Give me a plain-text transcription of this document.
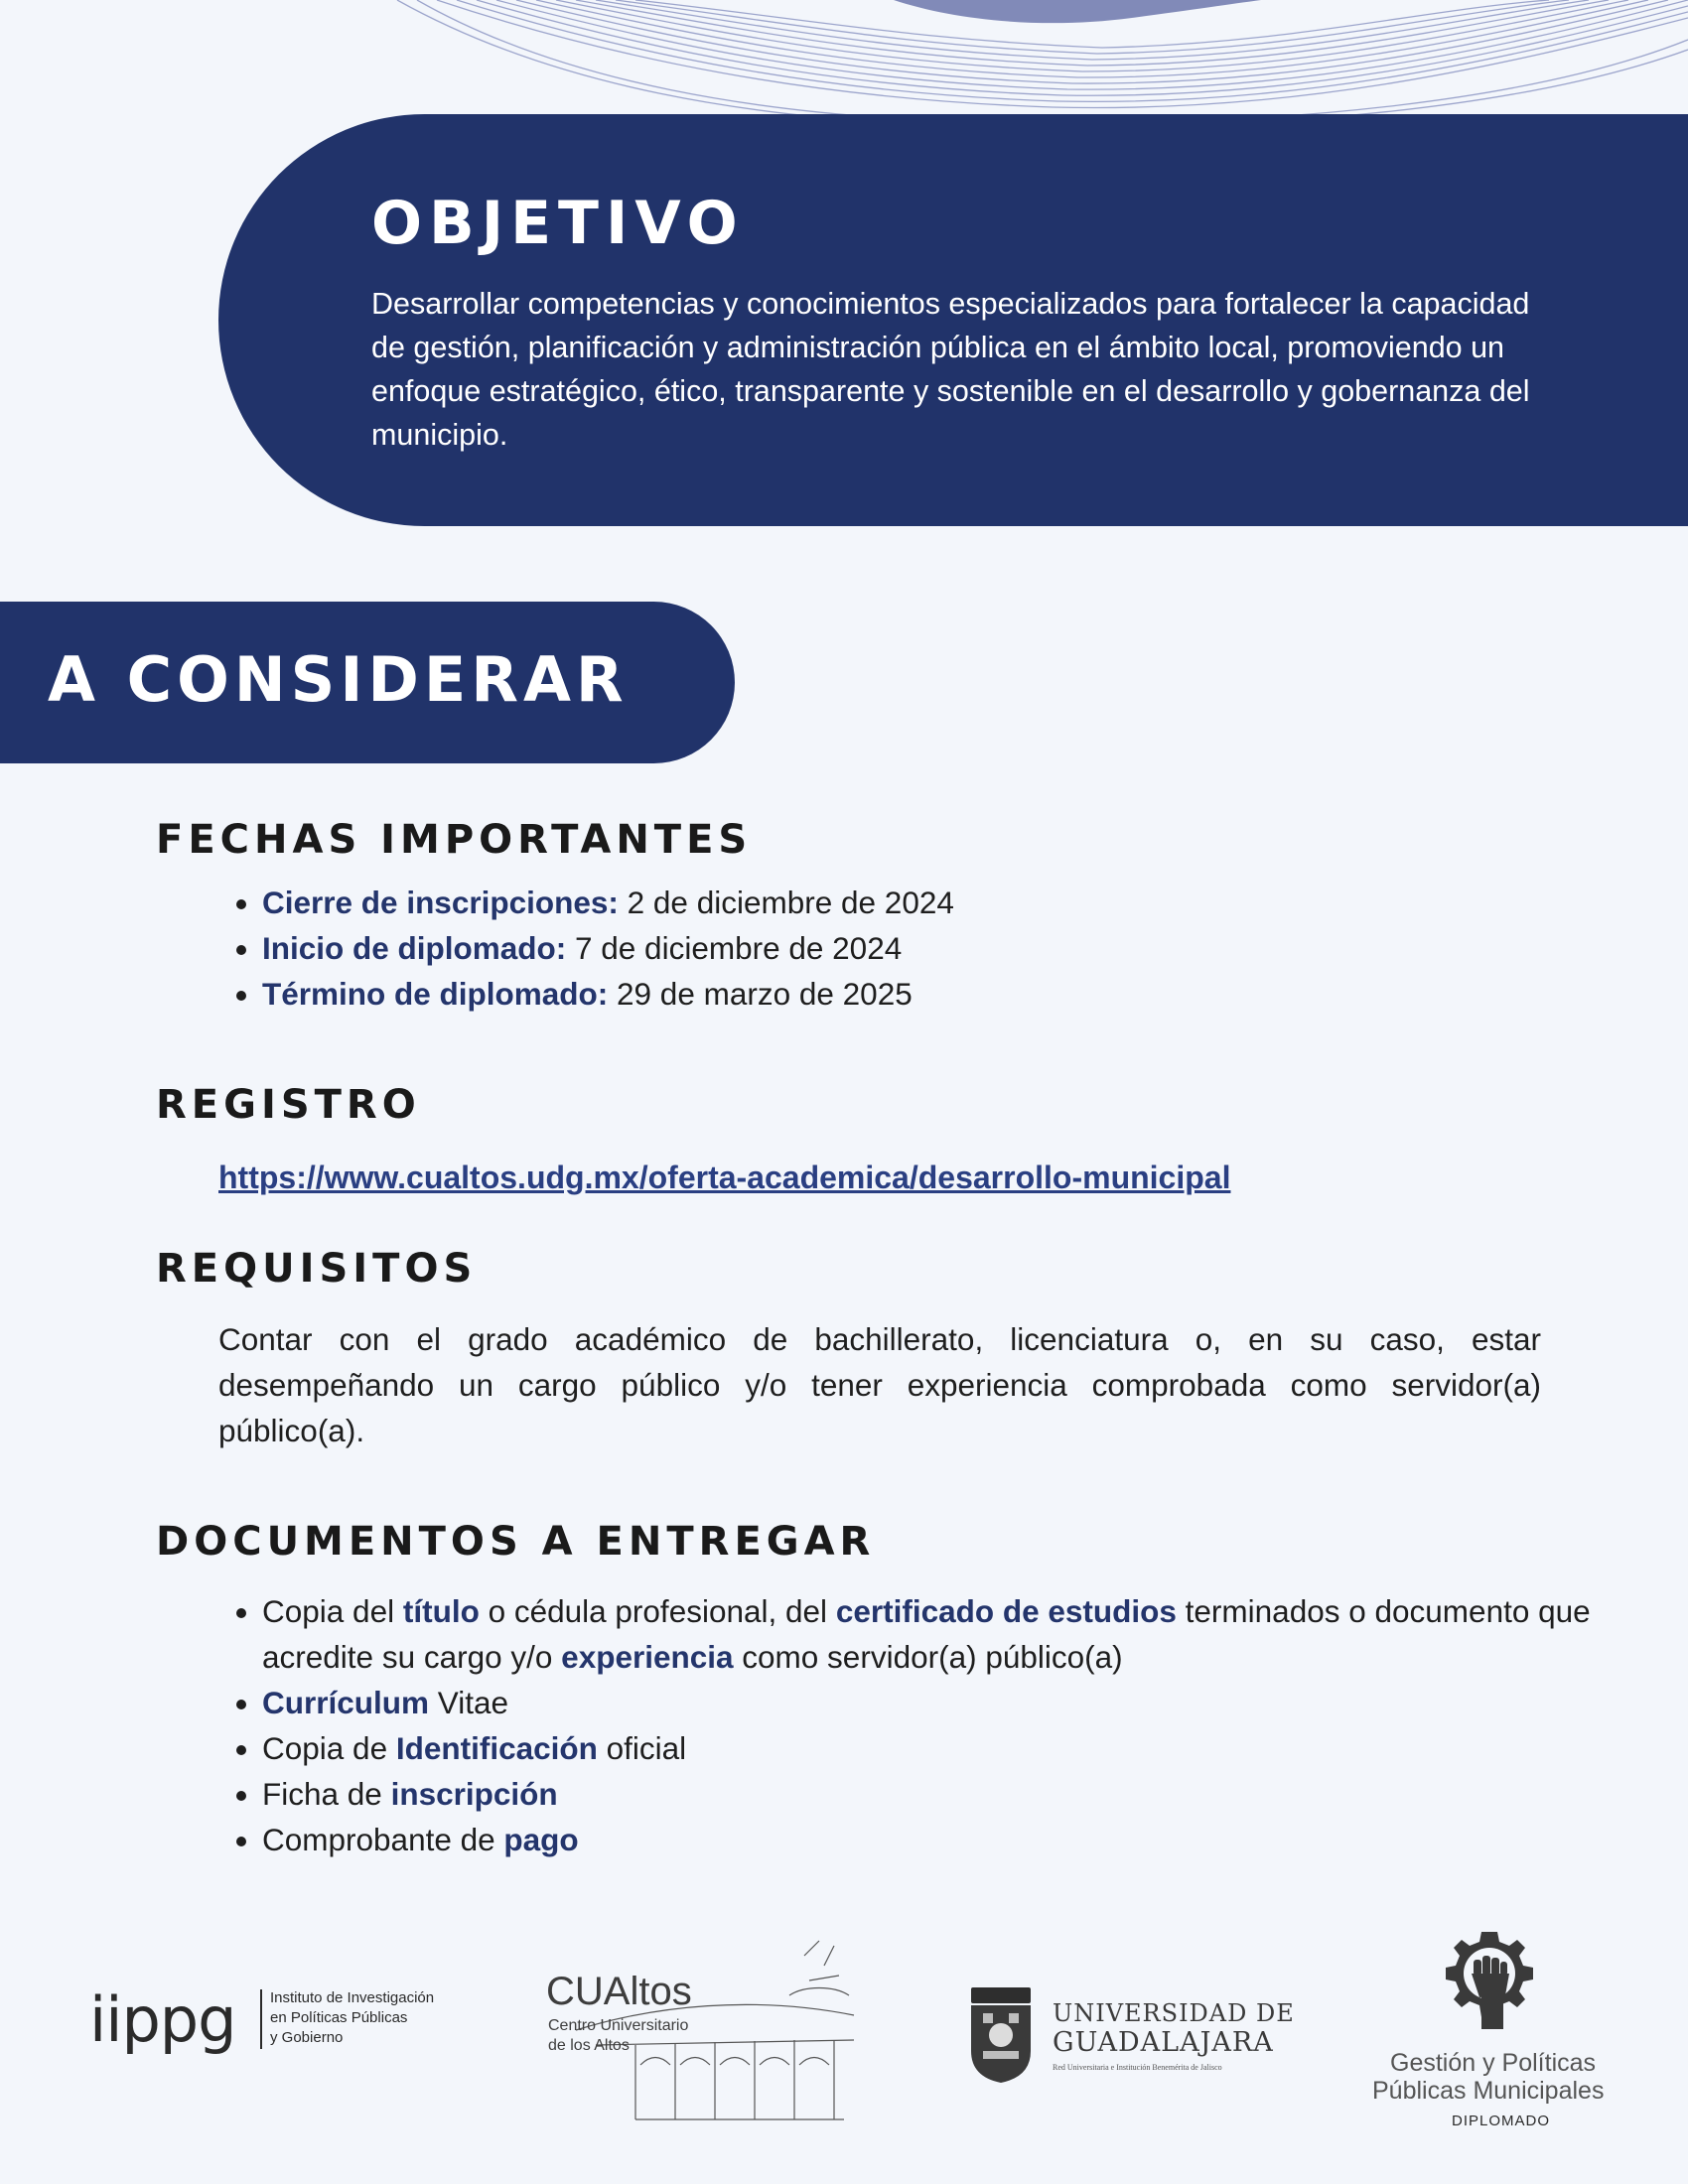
OBJETIVO

Desarrollar competencias y conocimientos especializados para fortalecer la capacidad de gestión, planificación y administración pública en el ámbito local, promoviendo un enfoque estratégico, ético, transparente y sostenible en el desarrollo y gobernanza del municipio.

A CONSIDERAR
FECHAS IMPORTANTES
• Cierre de inscripciones: 2 de diciembre de 2024
• Inicio de diplomado: 7 de diciembre de 2024
• Término de diplomado: 29 de marzo de 2025
REGISTRO
https://www.cualtos.udg.mx/oferta-academica/desarrollo-municipal
REQUISITOS

Contar con el grado académico de bachillerato, licenciatura o, en su caso, estar desempeñando un cargo público y/o tener experiencia comprobada como servidor(a) público(a).

DOCUMENTOS A ENTREGAR
• Copia del título o cédula profesional, del certificado de estudios terminados o documento que acredite su cargo y/o experiencia como servidor(a) público(a)
• Currículum Vitae
• Copia de Identificación oficial
• Ficha de inscripción
• Comprobante de pago

iippg Instituto de Investigación

en Políticas Públicas

y Gobierno

CUAltos

Centro Universitario

de los Altos

UNIVERSIDAD DE

GUADALAJARA

Red Universitaria e Institución Benemérita de Jalisco	Gestión y Políticas

Públicas Municipales

DIPLOMADO
